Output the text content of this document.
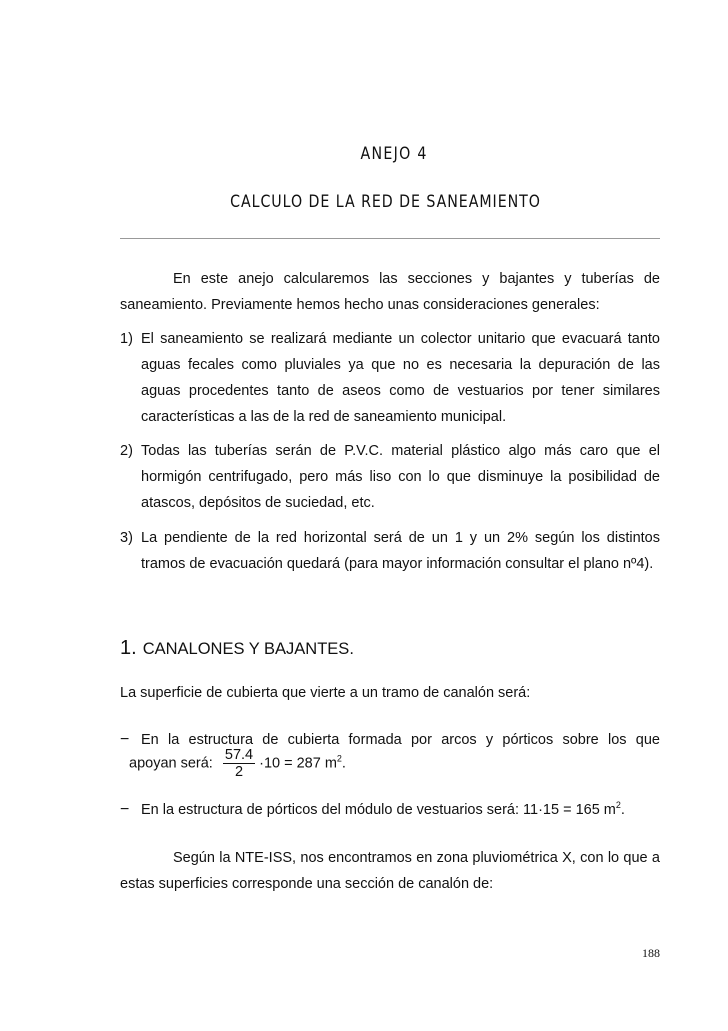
ANEJO 4
CALCULO DE LA RED DE SANEAMIENTO
En este anejo calcularemos las secciones y bajantes y tuberías de saneamiento. Previamente hemos hecho unas consideraciones generales:
1) El saneamiento se realizará mediante un colector unitario que evacuará tanto aguas fecales como pluviales ya que no es necesaria la depuración de las aguas procedentes tanto de aseos como de vestuarios por tener similares características a las de la red de saneamiento municipal.
2) Todas las tuberías serán de P.V.C. material plástico algo más caro que el hormigón centrifugado, pero más liso con lo que disminuye la posibilidad de atascos, depósitos de suciedad, etc.
3) La pendiente de la red horizontal será de un 1 y un 2% según los distintos tramos de evacuación quedará (para mayor información consultar el plano nº4).
1. CANALONES Y BAJANTES.
La superficie de cubierta que vierte a un tramo de canalón será:
− En la estructura de cubierta formada por arcos y pórticos sobre los que
apoyan será: $\frac{57.4}{2} \cdot 10 = 287$ $m^2$.
− En la estructura de pórticos del módulo de vestuarios será: 11·15 = 165 $m^2$.
Según la NTE-ISS, nos encontramos en zona pluviométrica X, con lo que a estas superficies corresponde una sección de canalón de:
188
